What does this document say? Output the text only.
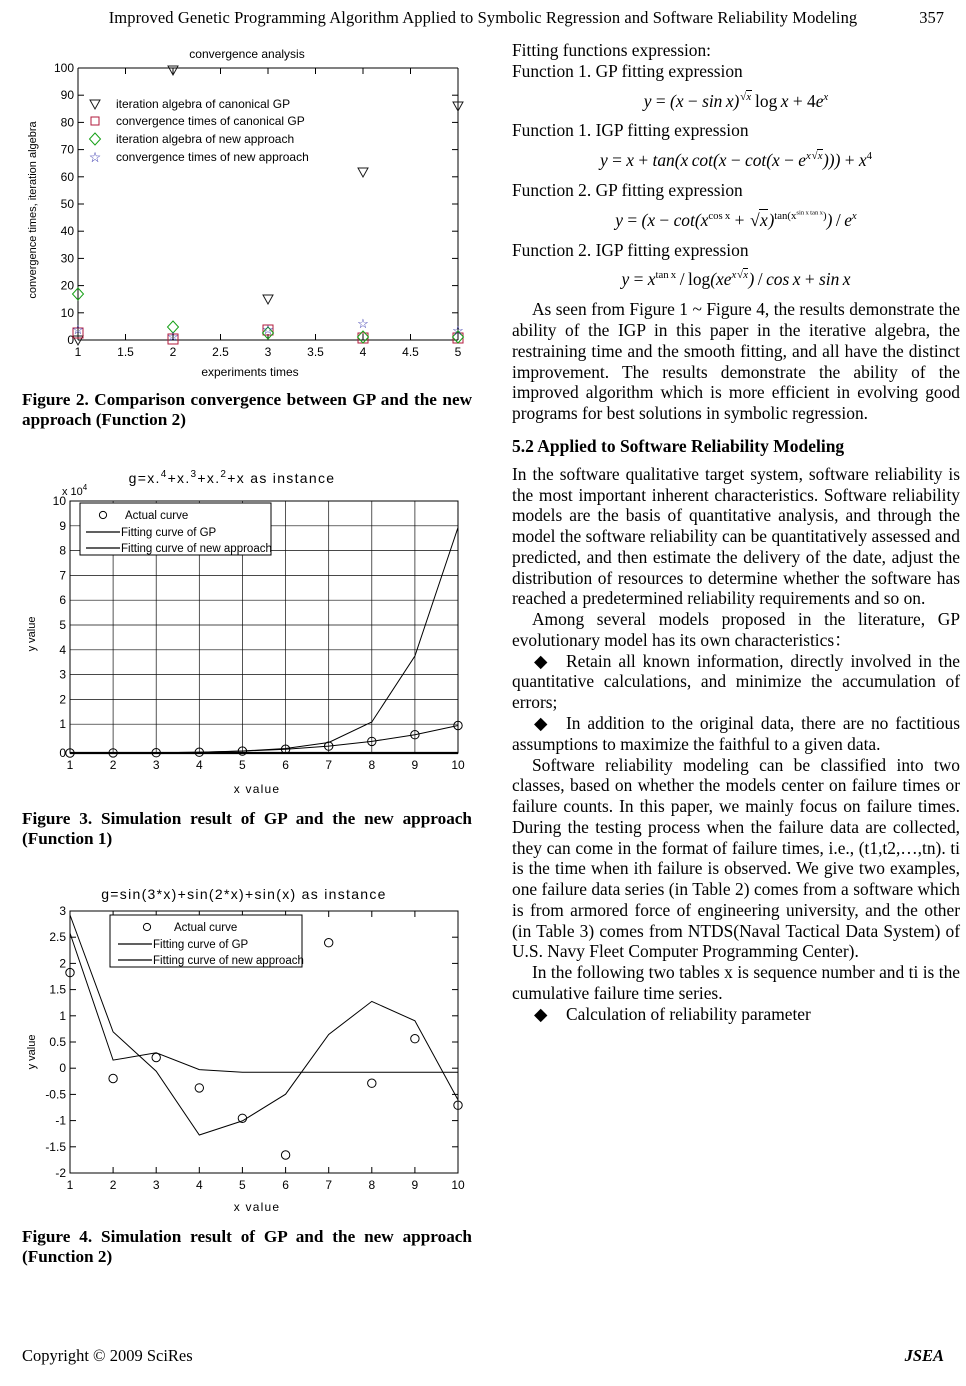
Improved Genetic Programming Algorithm Applied to Symbolic Regression and Software Reliability Modeling	357
convergence analysis
convergence times, iteration algebra
experiments times
0
10
20
30
40
50
60
70
80
90
100
1	1.5	2	2.5	3	3.5	4	4.5	5
iteration algebra of canonical GP
convergence times of canonical GP
iteration algebra of new approach
☆ convergence times of new approach
☆	☆	☆	☆	☆

Figure 2. Comparison convergence between GP and the new approach (Function 2)

g=x.$^4$+x.$^3$+x.$^2$+x as instance
x $10^4$
y value
x value
0
1
2
3
4
5
6
7
8
9
10
1	2	3	4	5	6	7	8	9	10
Actual curve
Fitting curve of GP
Fitting curve of new approach

Figure 3. Simulation result of GP and the new approach (Function 1)

g=sin(3*x)+sin(2*x)+sin(x) as instance
y value
x value
-2
-1.5
-1
-0.5
0
0.5
1
1.5
2
2.5
3
1	2	3	4	5	6	7	8	9	10
Actual curve
Fitting curve of GP
Fitting curve of new approach

Figure 4. Simulation result of GP and the new approach (Function 2)

Fitting functions expression:

Function 1. GP fitting expression

y = (x − sin x) √ $^x$  $\log x + 4e^x$

Function 1. IGP fitting expression

y = x + tan(x $\cot(x - \cot(x - e^{x √ x}))) + x^4$

Function 2. GP fitting expression

$y = (x - \cot(x^{cos x}$ + √ $x)^{tan(x^{sin x tan x})}) / e^x$

Function 2. IGP fitting expression

$y = x^{tan x} / \log(xe^{x √ x}) / \cos x + \sin x$

As seen from Figure 1 ~ Figure 4, the results demonstrate the ability of the IGP in this paper in the iterative algebra, the restraining time and the smooth fitting, and all have the distinct improvement. The results demonstrate the ability of the improved algorithm which is more efficient in evolving good programs for best solutions in symbolic regression.

5.2 Applied to Software Reliability Modeling

In the software qualitative target system, software reliability is the most important inherent characteristics. Software reliability models are the basis of quantitative analysis, and through the model the software reliability can be quantitatively assessed and predicted, and then estimate the delivery of the date, adjust the distribution of resources to determine whether the software has reached a predetermined reliability requirements and so on.

Among several models proposed in the literature, GP evolutionary model has its own characteristics：

◆ Retain all known information, directly involved in the quantitative calculations, and minimize the accumulation of errors;

◆ In addition to the original data, there are no factitious assumptions to maximize the faithful to a given data.

Software reliability modeling can be classified into two classes, based on whether the models center on failure times or failure counts. In this paper, we mainly focus on failure times. During the testing process when the failure data are collected, they can come in the format of failure times, i.e., (t1,t2,…,tn). ti is the time when ith failure is observed. We give two examples, one failure data series (in Table 2) comes from a software which is from armored force of engineering university, and the other (in Table 3) comes from NTDS(Naval Tactical Data System) of U.S. Navy Fleet Computer Programming Center).

In the following two tables x is sequence number and ti is the cumulative failure time series.

◆ Calculation of reliability parameter

Copyright © 2009 SciRes	JSEA
